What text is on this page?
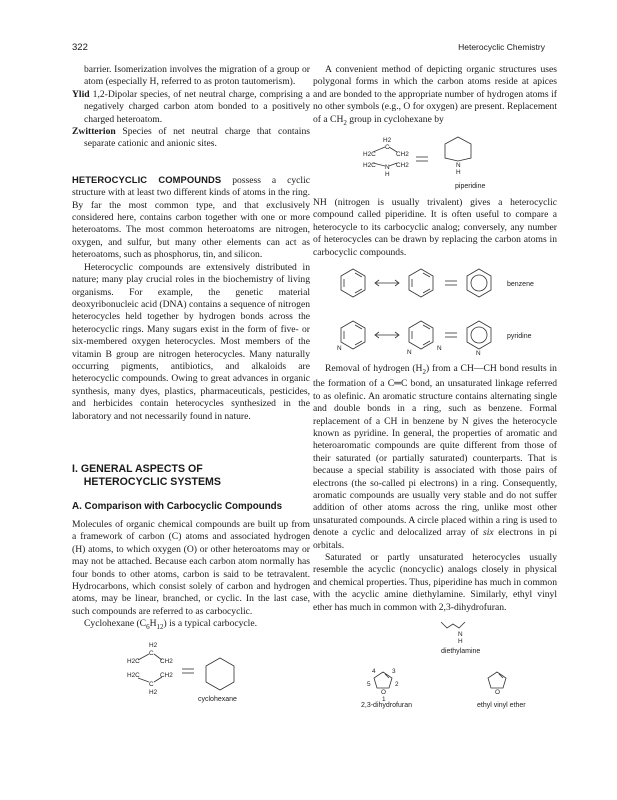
322	Heterocyclic Chemistry

barrier. Isomerization involves the migration of a group or atom (especially H, referred to as proton tautomerism).

Ylid 1,2-Dipolar species, of net neutral charge, comprising a negatively charged carbon atom bonded to a positively charged heteroatom.

Zwitterion Species of net neutral charge that contains separate cationic and anionic sites.

HETEROCYCLIC COMPOUNDS possess a cyclic structure with at least two different kinds of atoms in the ring. By far the most common type, and that exclusively considered here, contains carbon together with one or more heteroatoms. The most common heteroatoms are nitrogen, oxygen, and sulfur, but many other elements can act as heteroatoms, such as phosphorus, tin, and silicon.

Heterocyclic compounds are extensively distributed in nature; many play crucial roles in the biochemistry of living organisms. For example, the genetic material deoxyribonucleic acid (DNA) contains a sequence of nitrogen heterocycles held together by hydrogen bonds across the heterocyclic rings. Many sugars exist in the form of five- or six-membered oxygen heterocycles. Most members of the vitamin B group are nitrogen heterocycles. Many naturally occurring pigments, antibiotics, and alkaloids are heterocyclic compounds. Owing to great advances in organic synthesis, many dyes, plastics, pharmaceuticals, pesticides, and herbicides contain heterocycles synthesized in the laboratory and not necessarily found in nature.

I. GENERAL ASPECTS OF
HETEROCYCLIC SYSTEMS
A. Comparison with Carbocyclic Compounds

Molecules of organic chemical compounds are built up from a framework of carbon (C) atoms and associated hydrogen (H) atoms, to which oxygen (O) or other heteroatoms may or may not be attached. Because each carbon atom normally has four bonds to other atoms, carbon is said to be tetravalent. Hydrocarbons, which consist solely of carbon and hydrogen atoms, may be linear, branched, or cyclic. In the last case, such compounds are referred to as carbocyclic.

Cyclohexane $(C_6H_{12})$ is a typical carbocycle.

H2
C
H2C	CH2
H2C	CH2
C
H2
cyclohexane

A convenient method of depicting organic structures uses polygonal forms in which the carbon atoms reside at apices and are bonded to the appropriate number of hydrogen atoms if no other symbols (e.g., O for oxygen) are present. Replacement of a $CH_2$ group in cyclohexane by

H2
C
H2C	CH2
H2C	CH2
N
H
N
H
piperidine

NH (nitrogen is usually trivalent) gives a heterocyclic compound called piperidine. It is often useful to compare a heterocycle to its carbocyclic analog; conversely, any number of heterocycles can be drawn by replacing the carbon atoms in carbocyclic compounds.

benzene
N
N
N
N
pyridine

Removal of hydrogen $(H_2)$ from a CH—CH bond results in the formation of a C═C bond, an unsaturated linkage referred to as olefinic. An aromatic structure contains alternating single and double bonds in a ring, such as benzene. Formal replacement of a CH in benzene by N gives the heterocycle known as pyridine. In general, the properties of aromatic and heteroaromatic compounds are quite different from those of their saturated (or partially saturated) counterparts. That is because a special stability is associated with those pairs of electrons (the so-called pi electrons) in a ring. Consequently, aromatic compounds are usually very stable and do not suffer addition of other atoms across the ring, unlike most other unsaturated compounds. A circle placed within a ring is used to denote a cyclic and delocalized array of six electrons in pi orbitals.

Saturated or partly unsaturated heterocycles usually resemble the acyclic (noncyclic) analogs closely in physical and chemical properties. Thus, piperidine has much in common with the acyclic amine diethylamine. Similarly, ethyl vinyl ether has much in common with 2,3-dihydrofuran.

N
H
diethylamine
4	3
5	2
O
1
2,3-dihydrofuran
O
ethyl vinyl ether
